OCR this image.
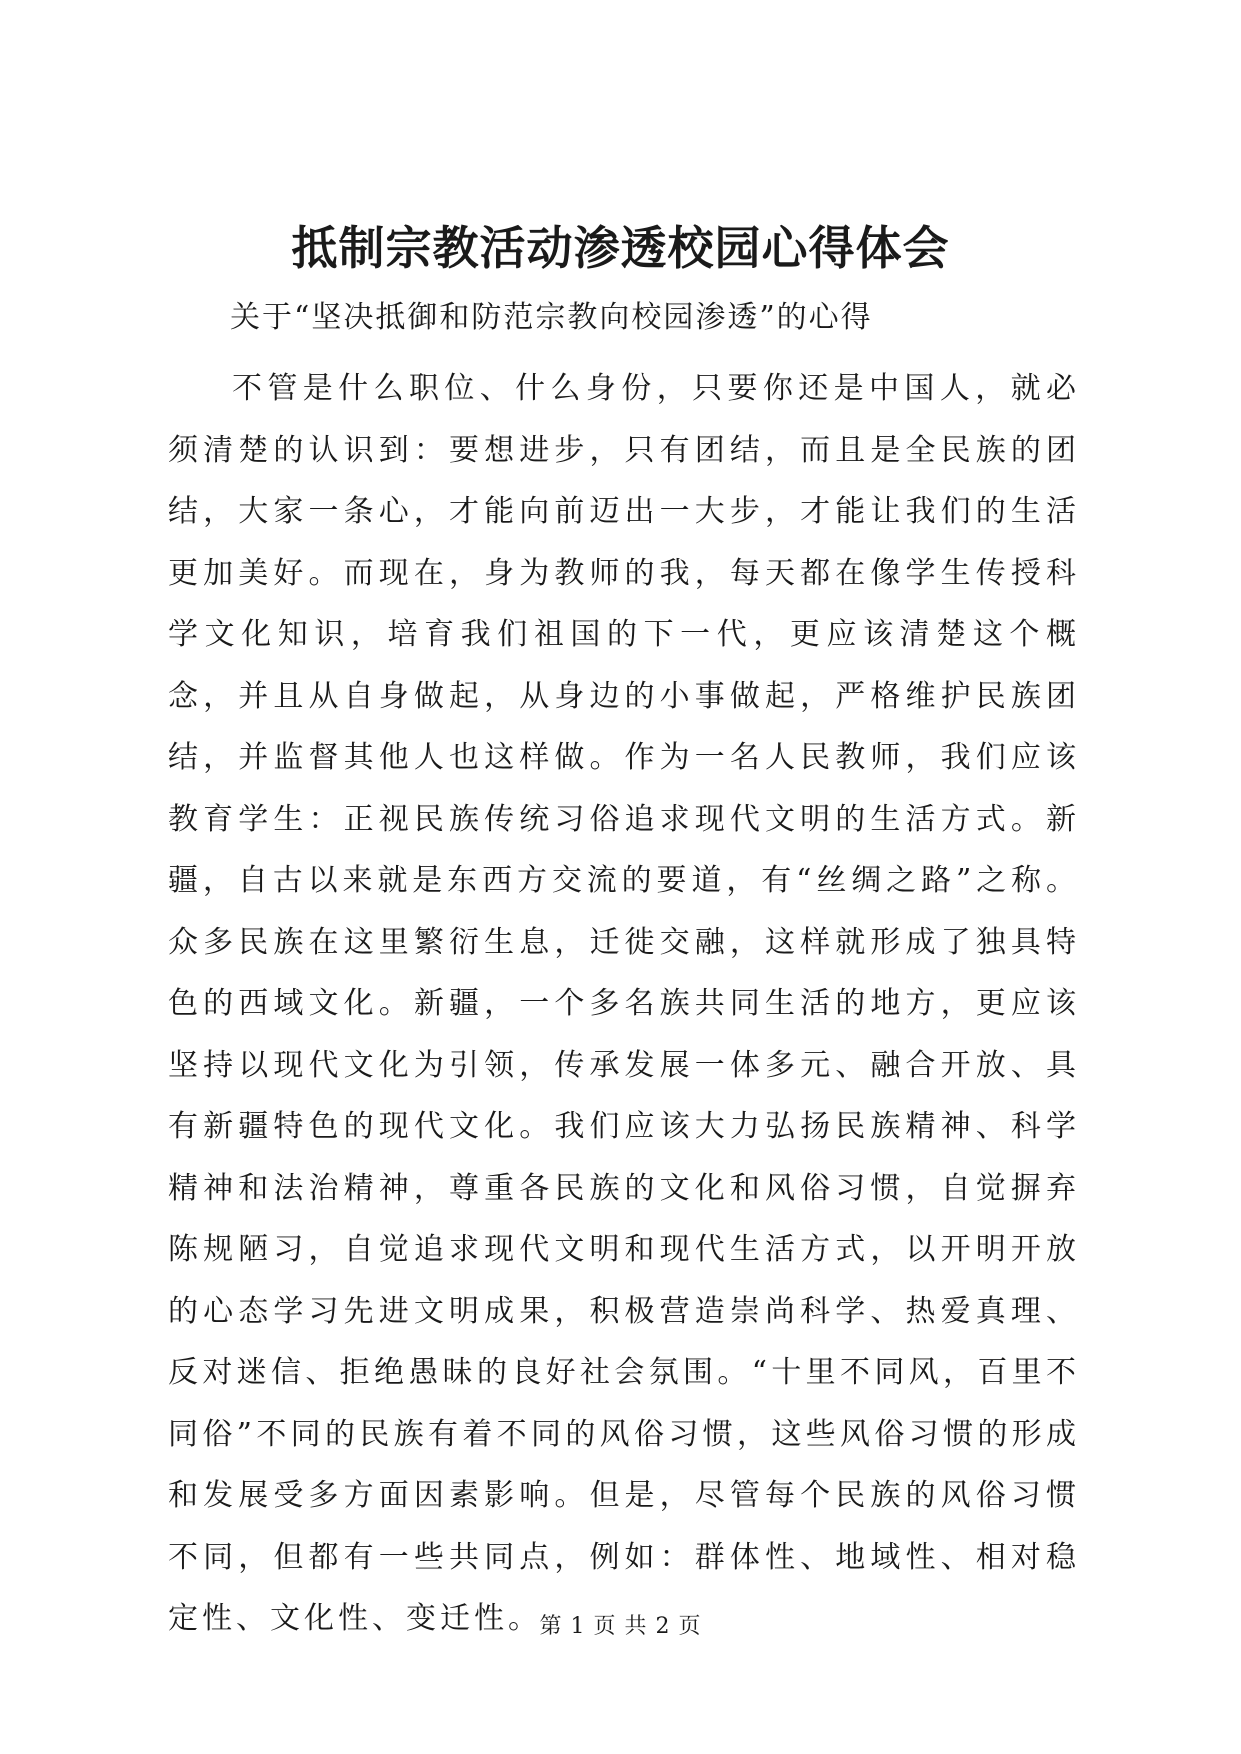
抵制宗教活动渗透校园心得体会

关于“坚决抵御和防范宗教向校园渗透”的心得

不管是什么职位、什么身份，只要你还是中国人，就必须清楚的认识到：要想进步，只有团结，而且是全民族的团结，大家一条心，才能向前迈出一大步，才能让我们的生活更加美好。而现在，身为教师的我，每天都在像学生传授科学文化知识，培育我们祖国的下一代，更应该清楚这个概念，并且从自身做起，从身边的小事做起，严格维护民族团结，并监督其他人也这样做。作为一名人民教师，我们应该教育学生：正视民族传统习俗追求现代文明的生活方式。新疆，自古以来就是东西方交流的要道，有“丝绸之路”之称。众多民族在这里繁衍生息，迁徙交融，这样就形成了独具特色的西域文化。新疆，一个多名族共同生活的地方，更应该坚持以现代文化为引领，传承发展一体多元、融合开放、具有新疆特色的现代文化。我们应该大力弘扬民族精神、科学精神和法治精神，尊重各民族的文化和风俗习惯，自觉摒弃陈规陋习，自觉追求现代文明和现代生活方式，以开明开放的心态学习先进文明成果，积极营造崇尚科学、热爱真理、反对迷信、拒绝愚昧的良好社会氛围。“十里不同风，百里不同俗”不同的民族有着不同的风俗习惯，这些风俗习惯的形成和发展受多方面因素影响。但是，尽管每个民族的风俗习惯不同，但都有一些共同点，例如：群体性、地域性、相对稳定性、文化性、变迁性。

第 1 页 共 2 页
